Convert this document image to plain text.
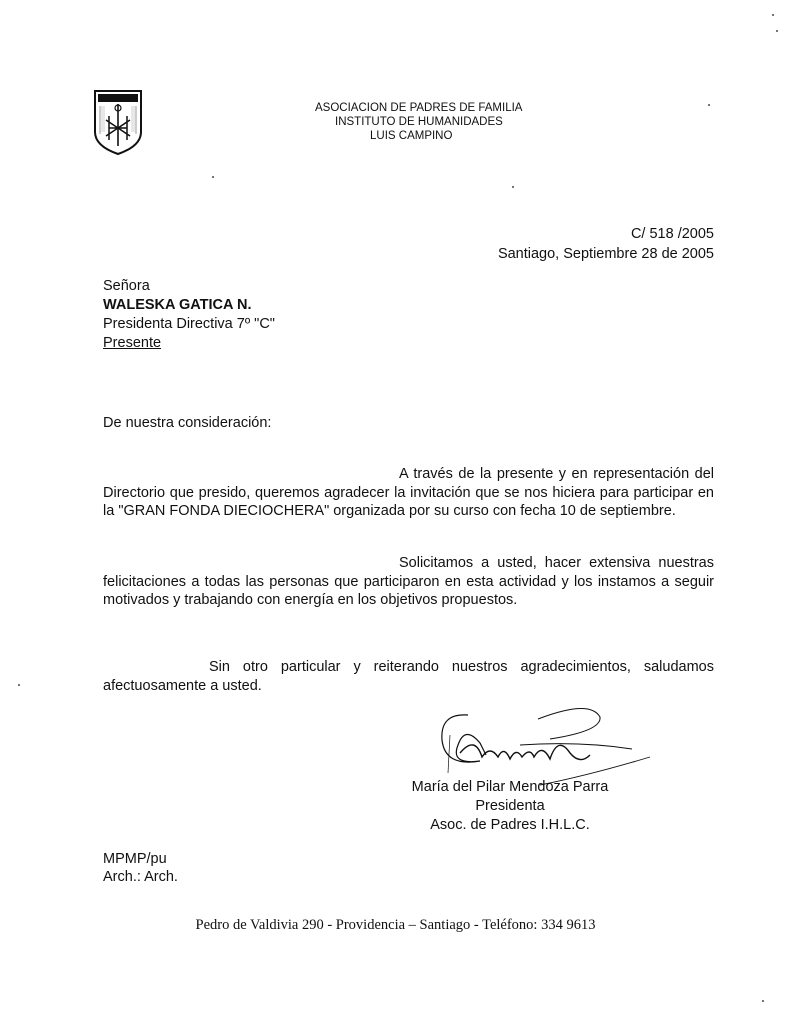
ASOCIACION DE PADRES DE FAMILIA
INSTITUTO DE HUMANIDADES
LUIS CAMPINO
C/ 518 /2005
Santiago, Septiembre 28 de 2005
Señora
WALESKA GATICA N.
Presidenta Directiva 7º "C"
Presente
De nuestra consideración:
A través de la presente y en representación del Directorio que presido, queremos agradecer la invitación que se nos hiciera para participar en la "GRAN FONDA DIECIOCHERA" organizada por su curso con fecha 10 de septiembre.
Solicitamos a usted, hacer extensiva nuestras felicitaciones a todas las personas que participaron en esta actividad y los instamos a seguir motivados y trabajando con energía en los objetivos propuestos.
Sin otro particular y reiterando nuestros agradecimientos, saludamos afectuosamente a usted.
María del Pilar Mendoza Parra
Presidenta
Asoc. de Padres I.H.L.C.
MPMP/pu
Arch.: Arch.
Pedro de Valdivia 290 - Providencia – Santiago - Teléfono: 334 9613
